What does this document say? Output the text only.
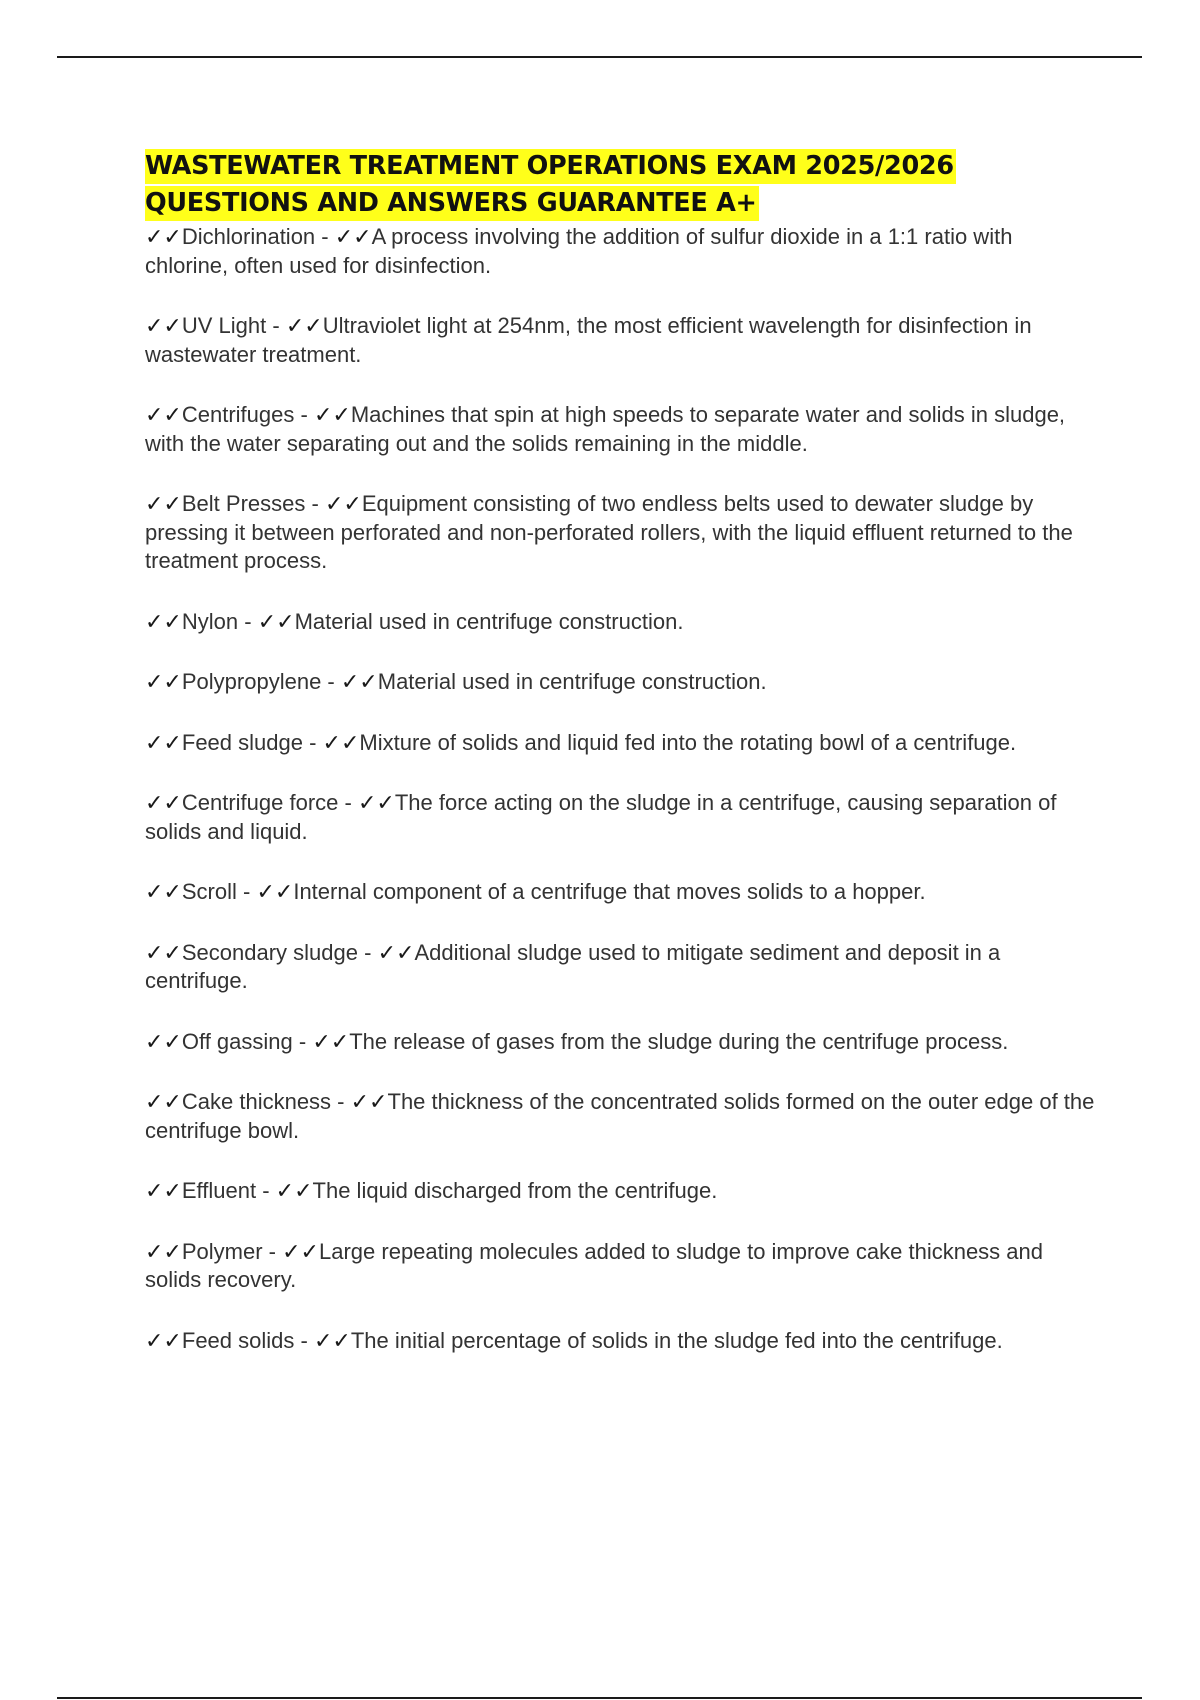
WASTEWATER TREATMENT OPERATIONS EXAM 2025/2026
QUESTIONS AND ANSWERS GUARANTEE A+

✓✓Dichlorination - ✓✓A process involving the addition of sulfur dioxide in a 1:1 ratio with chlorine, often used for disinfection.

✓✓UV Light - ✓✓Ultraviolet light at 254nm, the most efficient wavelength for disinfection in wastewater treatment.

✓✓Centrifuges - ✓✓Machines that spin at high speeds to separate water and solids in sludge, with the water separating out and the solids remaining in the middle.

✓✓Belt Presses - ✓✓Equipment consisting of two endless belts used to dewater sludge by pressing it between perforated and non-perforated rollers, with the liquid effluent returned to the treatment process.

✓✓Nylon - ✓✓Material used in centrifuge construction.

✓✓Polypropylene - ✓✓Material used in centrifuge construction.

✓✓Feed sludge - ✓✓Mixture of solids and liquid fed into the rotating bowl of a centrifuge.

✓✓Centrifuge force - ✓✓The force acting on the sludge in a centrifuge, causing separation of solids and liquid.

✓✓Scroll - ✓✓Internal component of a centrifuge that moves solids to a hopper.

✓✓Secondary sludge - ✓✓Additional sludge used to mitigate sediment and deposit in a centrifuge.

✓✓Off gassing - ✓✓The release of gases from the sludge during the centrifuge process.

✓✓Cake thickness - ✓✓The thickness of the concentrated solids formed on the outer edge of the centrifuge bowl.

✓✓Effluent - ✓✓The liquid discharged from the centrifuge.

✓✓Polymer - ✓✓Large repeating molecules added to sludge to improve cake thickness and solids recovery.

✓✓Feed solids - ✓✓The initial percentage of solids in the sludge fed into the centrifuge.
